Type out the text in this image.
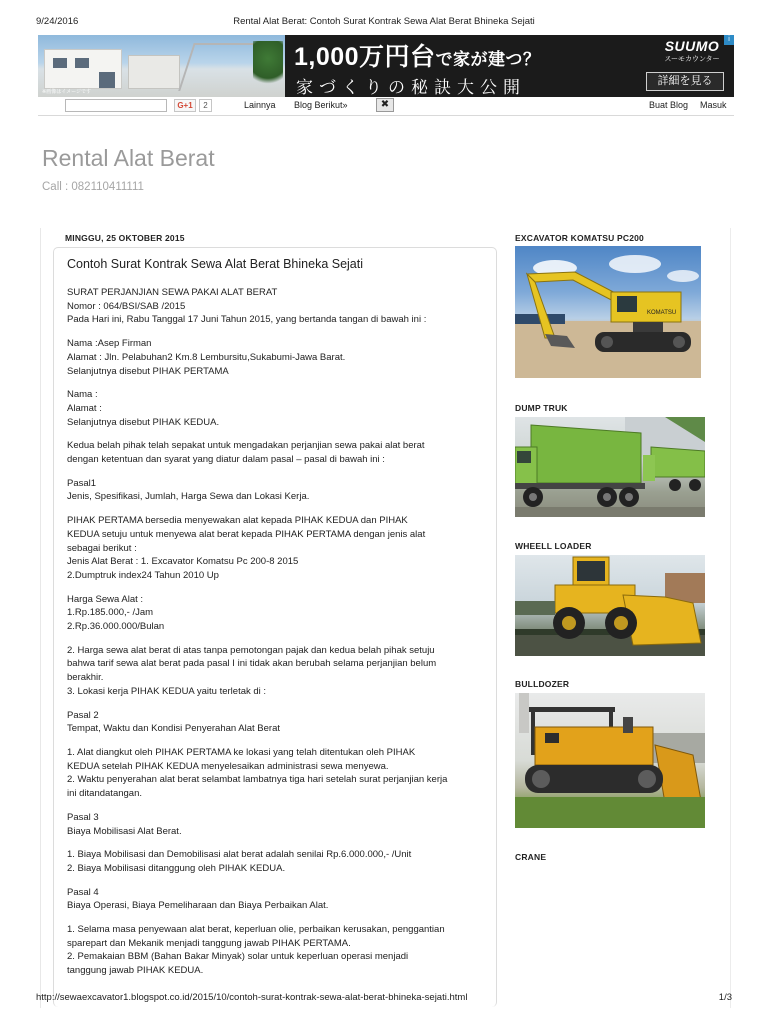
9/24/2016	Rental Alat Berat: Contoh Surat Kontrak Sewa Alat Berat Bhineka Sejati
※画像はイメージです
1,000万円台で家が建つ？
家づくりの秘訣大公開
SUUMO
スーモカウンター
詳細を見る
i
G+1	2	Lainnya Blog Berikut»	✖	Buat Blog Masuk
Rental Alat Berat
Call : 082110411111
MINGGU, 25 OKTOBER 2015
Contoh Surat Kontrak Sewa Alat Berat Bhineka Sejati

SURAT PERJANJIAN SEWA PAKAI ALAT BERAT
Nomor : 064/BSI/SAB /2015
Pada Hari ini, Rabu Tanggal 17 Juni Tahun 2015, yang bertanda tangan di bawah ini :

Nama :Asep Firman
Alamat : Jln. Pelabuhan2 Km.8 Lembursitu,Sukabumi-Jawa Barat.
Selanjutnya disebut PIHAK PERTAMA

Nama :
Alamat :
Selanjutnya disebut PIHAK KEDUA.

Kedua belah pihak telah sepakat untuk mengadakan perjanjian sewa pakai alat berat
dengan ketentuan dan syarat yang diatur dalam pasal – pasal di bawah ini :

Pasal1
Jenis, Spesifikasi, Jumlah, Harga Sewa dan Lokasi Kerja.

PIHAK PERTAMA bersedia menyewakan alat kepada PIHAK KEDUA dan PIHAK
KEDUA setuju untuk menyewa alat berat kepada PIHAK PERTAMA dengan jenis alat
sebagai berikut :
Jenis Alat Berat : 1. Excavator Komatsu Pc 200-8 2015
2.Dumptruk index24 Tahun 2010 Up

Harga Sewa Alat :
1.Rp.185.000,- /Jam
2.Rp.36.000.000/Bulan

2. Harga sewa alat berat di atas tanpa pemotongan pajak dan kedua belah pihak setuju
bahwa tarif sewa alat berat pada pasal I ini tidak akan berubah selama perjanjian belum
berakhir.
3. Lokasi kerja PIHAK KEDUA yaitu terletak di :

Pasal 2
Tempat, Waktu dan Kondisi Penyerahan Alat Berat

1. Alat diangkut oleh PIHAK PERTAMA ke lokasi yang telah ditentukan oleh PIHAK
KEDUA setelah PIHAK KEDUA menyelesaikan administrasi sewa menyewa.
2. Waktu penyerahan alat berat selambat lambatnya tiga hari setelah surat perjanjian kerja
ini ditandatangan.

Pasal 3
Biaya Mobilisasi Alat Berat.

1. Biaya Mobilisasi dan Demobilisasi alat berat adalah senilai Rp.6.000.000,- /Unit
2. Biaya Mobilisasi ditanggung oleh PIHAK KEDUA.

Pasal 4
Biaya Operasi, Biaya Pemeliharaan dan Biaya Perbaikan Alat.

1. Selama masa penyewaan alat berat, keperluan olie, perbaikan kerusakan, penggantian
sparepart dan Mekanik menjadi tanggung jawab PIHAK PERTAMA.
2. Pemakaian BBM (Bahan Bakar Minyak) solar untuk keperluan operasi menjadi
tanggung jawab PIHAK KEDUA.

EXCAVATOR KOMATSU PC200
KOMATSU
DUMP TRUK
WHEELL LOADER
BULLDOZER
CRANE
http://sewaexcavator1.blogspot.co.id/2015/10/contoh-surat-kontrak-sewa-alat-berat-bhineka-sejati.html	1/3
